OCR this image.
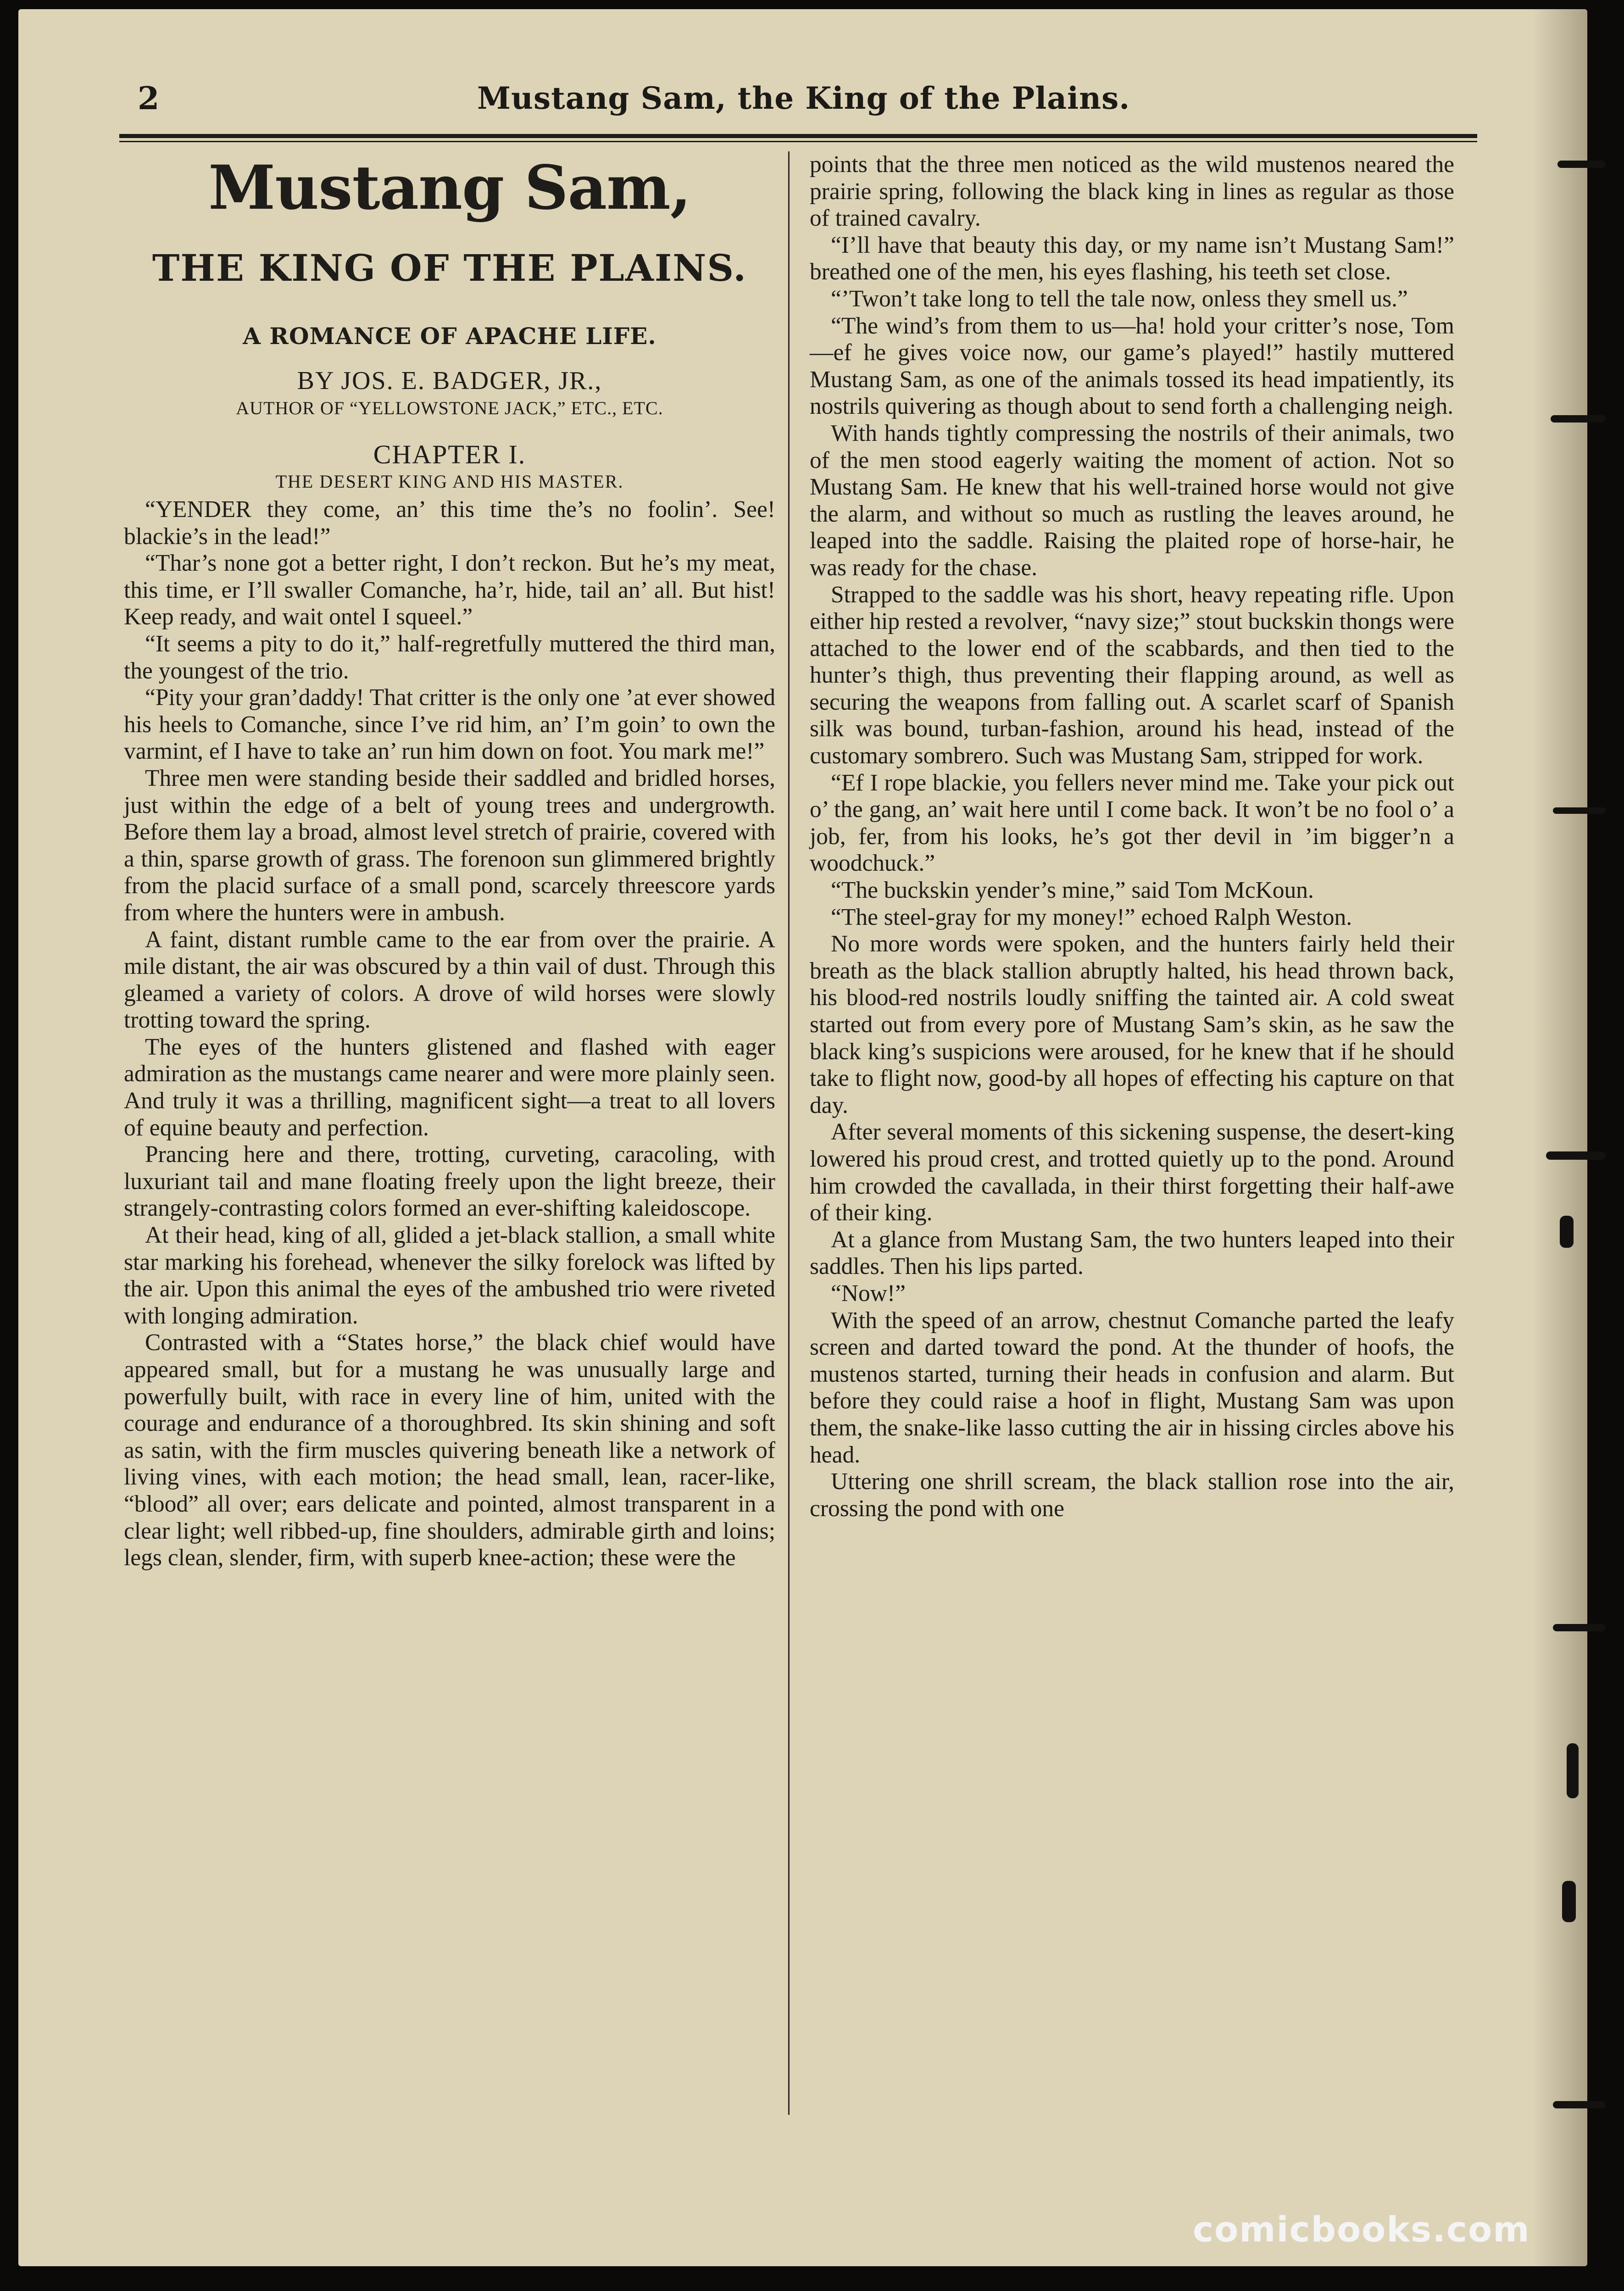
2	Mustang Sam, the King of the Plains.
Mustang Sam,
THE KING OF THE PLAINS.
A ROMANCE OF APACHE LIFE.
BY JOS. E. BADGER, JR.,
AUTHOR OF “YELLOWSTONE JACK,” ETC., ETC.
CHAPTER I.
THE DESERT KING AND HIS MASTER.

“YENDER they come, an’ this time the’s no foolin’. See! blackie’s in the lead!”

“Thar’s none got a better right, I don’t reckon. But he’s my meat, this time, er I’ll swaller Comanche, ha’r, hide, tail an’ all. But hist! Keep ready, and wait ontel I squeel.”

“It seems a pity to do it,” half-regretfully muttered the third man, the youngest of the trio.

“Pity your gran’daddy! That critter is the only one ’at ever showed his heels to Comanche, since I’ve rid him, an’ I’m goin’ to own the varmint, ef I have to take an’ run him down on foot. You mark me!”

Three men were standing beside their saddled and bridled horses, just within the edge of a belt of young trees and undergrowth. Before them lay a broad, almost level stretch of prairie, covered with a thin, sparse growth of grass. The forenoon sun glimmered brightly from the placid surface of a small pond, scarcely threescore yards from where the hunters were in ambush.

A faint, distant rumble came to the ear from over the prairie. A mile distant, the air was obscured by a thin vail of dust. Through this gleamed a variety of colors. A drove of wild horses were slowly trotting toward the spring.

The eyes of the hunters glistened and flashed with eager admiration as the mustangs came nearer and were more plainly seen. And truly it was a thrilling, magnificent sight—a treat to all lovers of equine beauty and perfection.

Prancing here and there, trotting, curveting, caracoling, with luxuriant tail and mane floating freely upon the light breeze, their strangely-contrasting colors formed an ever-shifting kaleidoscope.

At their head, king of all, glided a jet-black stallion, a small white star marking his forehead, whenever the silky forelock was lifted by the air. Upon this animal the eyes of the ambushed trio were riveted with longing admiration.

Contrasted with a “States horse,” the black chief would have appeared small, but for a mustang he was unusually large and powerfully built, with race in every line of him, united with the courage and endurance of a thoroughbred. Its skin shining and soft as satin, with the firm muscles quivering beneath like a network of living vines, with each motion; the head small, lean, racer-like, “blood” all over; ears delicate and pointed, almost transparent in a clear light; well ribbed-up, fine shoulders, admirable girth and loins; legs clean, slender, firm, with superb knee-action; these were the

points that the three men noticed as the wild mustenos neared the prairie spring, following the black king in lines as regular as those of trained cavalry.

“I’ll have that beauty this day, or my name isn’t Mustang Sam!” breathed one of the men, his eyes flashing, his teeth set close.

“’Twon’t take long to tell the tale now, onless they smell us.”

“The wind’s from them to us—ha! hold your critter’s nose, Tom—ef he gives voice now, our game’s played!” hastily muttered Mustang Sam, as one of the animals tossed its head impatiently, its nostrils quivering as though about to send forth a challenging neigh.

With hands tightly compressing the nostrils of their animals, two of the men stood eagerly waiting the moment of action. Not so Mustang Sam. He knew that his well-trained horse would not give the alarm, and without so much as rustling the leaves around, he leaped into the saddle. Raising the plaited rope of horse-hair, he was ready for the chase.

Strapped to the saddle was his short, heavy repeating rifle. Upon either hip rested a revolver, “navy size;” stout buckskin thongs were attached to the lower end of the scabbards, and then tied to the hunter’s thigh, thus preventing their flapping around, as well as securing the weapons from falling out. A scarlet scarf of Spanish silk was bound, turban-fashion, around his head, instead of the customary sombrero. Such was Mustang Sam, stripped for work.

“Ef I rope blackie, you fellers never mind me. Take your pick out o’ the gang, an’ wait here until I come back. It won’t be no fool o’ a job, fer, from his looks, he’s got ther devil in ’im bigger’n a woodchuck.”

“The buckskin yender’s mine,” said Tom McKoun.

“The steel-gray for my money!” echoed Ralph Weston.

No more words were spoken, and the hunters fairly held their breath as the black stallion abruptly halted, his head thrown back, his blood-red nostrils loudly sniffing the tainted air. A cold sweat started out from every pore of Mustang Sam’s skin, as he saw the black king’s suspicions were aroused, for he knew that if he should take to flight now, good-by all hopes of effecting his capture on that day.

After several moments of this sickening suspense, the desert-king lowered his proud crest, and trotted quietly up to the pond. Around him crowded the cavallada, in their thirst forgetting their half-awe of their king.

At a glance from Mustang Sam, the two hunters leaped into their saddles. Then his lips parted.

“Now!”

With the speed of an arrow, chestnut Comanche parted the leafy screen and darted toward the pond. At the thunder of hoofs, the mustenos started, turning their heads in confusion and alarm. But before they could raise a hoof in flight, Mustang Sam was upon them, the snake-like lasso cutting the air in hissing circles above his head.

Uttering one shrill scream, the black stallion rose into the air, crossing the pond with one

comicbooks.com
